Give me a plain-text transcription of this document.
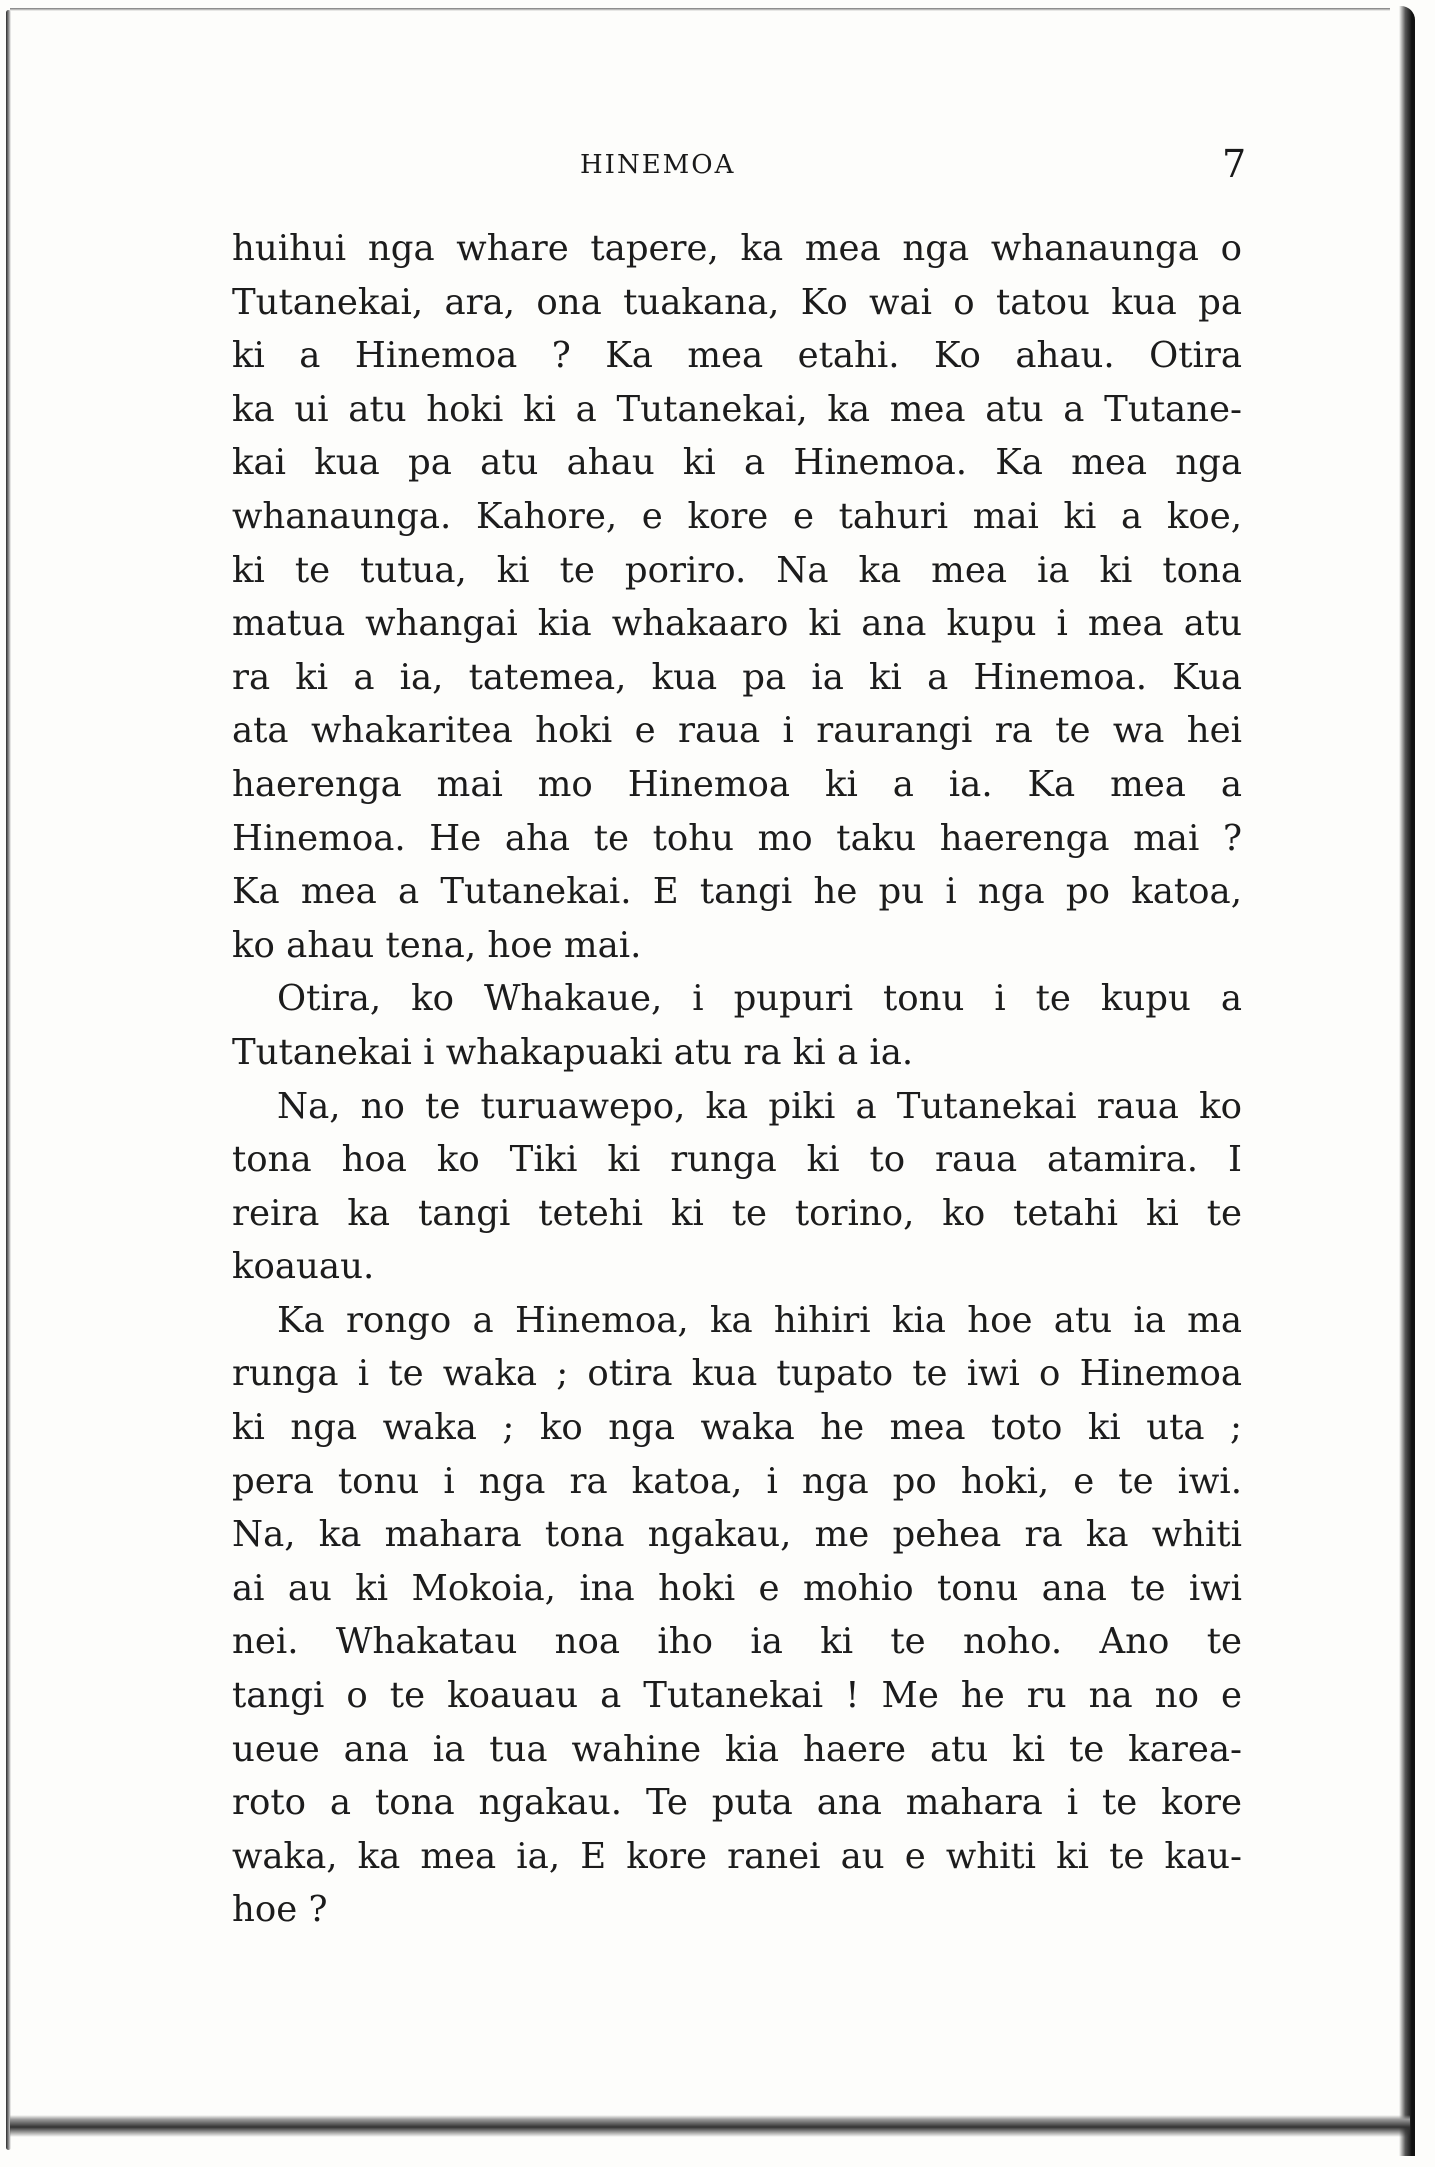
HINEMOA	7
huihui nga whare tapere, ka mea nga whanaunga o
Tutanekai, ara, ona tuakana, Ko wai o tatou kua pa
ki a Hinemoa ? Ka mea etahi. Ko ahau. Otira
ka ui atu hoki ki a Tutanekai, ka mea atu a Tutane-
kai kua pa atu ahau ki a Hinemoa. Ka mea nga
whanaunga. Kahore, e kore e tahuri mai ki a koe,
ki te tutua, ki te poriro. Na ka mea ia ki tona
matua whangai kia whakaaro ki ana kupu i mea atu
ra ki a ia, tatemea, kua pa ia ki a Hinemoa. Kua
ata whakaritea hoki e raua i raurangi ra te wa hei
haerenga mai mo Hinemoa ki a ia. Ka mea a
Hinemoa. He aha te tohu mo taku haerenga mai ?
Ka mea a Tutanekai. E tangi he pu i nga po katoa,
ko ahau tena, hoe mai.
Otira, ko Whakaue, i pupuri tonu i te kupu a
Tutanekai i whakapuaki atu ra ki a ia.
Na, no te turuawepo, ka piki a Tutanekai raua ko
tona hoa ko Tiki ki runga ki to raua atamira. I
reira ka tangi tetehi ki te torino, ko tetahi ki te
koauau.
Ka rongo a Hinemoa, ka hihiri kia hoe atu ia ma
runga i te waka ; otira kua tupato te iwi o Hinemoa
ki nga waka ; ko nga waka he mea toto ki uta ;
pera tonu i nga ra katoa, i nga po hoki, e te iwi.
Na, ka mahara tona ngakau, me pehea ra ka whiti
ai au ki Mokoia, ina hoki e mohio tonu ana te iwi
nei. Whakatau noa iho ia ki te noho. Ano te
tangi o te koauau a Tutanekai ! Me he ru na no e
ueue ana ia tua wahine kia haere atu ki te karea-
roto a tona ngakau. Te puta ana mahara i te kore
waka, ka mea ia, E kore ranei au e whiti ki te kau-
hoe ?
